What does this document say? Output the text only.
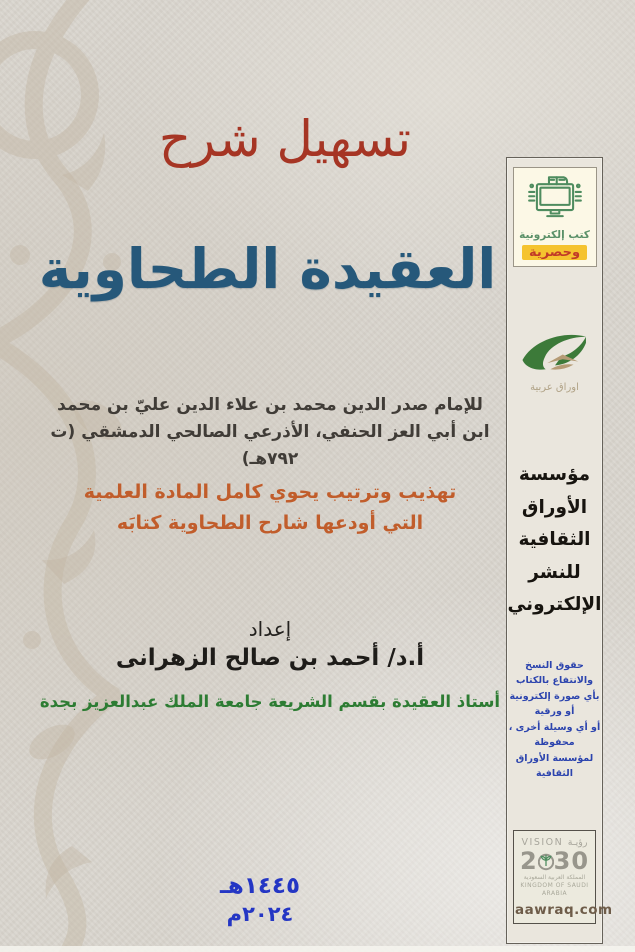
تسهيل شرح
العقيدة الطحاوية
للإمام صدر الدين محمد بن علاء الدين عليّ بن محمد
ابن أبي العز الحنفي، الأذرعي الصالحي الدمشقي (ت ٧٩٢هـ)
تهذيب وترتيب يحوي كامل المادة العلمية
التي أودعها شارح الطحاوية كتابَه
إعداد
أ.د/ أحمد بن صالح الزهرانى
أستاذ العقيدة بقسم الشريعة جامعة الملك عبدالعزيز بجدة
١٤٤٥هـ
٢٠٢٤م
كتب إلكترونية
وحصرية
اوراق عربية
مؤسسة
الأوراق
الثقافية
للنشر
الإلكتروني
حقوق النسخ والانتفاع بالكتاب
بأي صورة إلكترونية أو ورقية
أو أي وسيلة أخرى ، محفوظة
لمؤسسة الأوراق الثقافية
VISION رؤيـة
2 30
المملكة العربية السعودية
KINGDOM OF SAUDI ARABIA
aawraq.com
